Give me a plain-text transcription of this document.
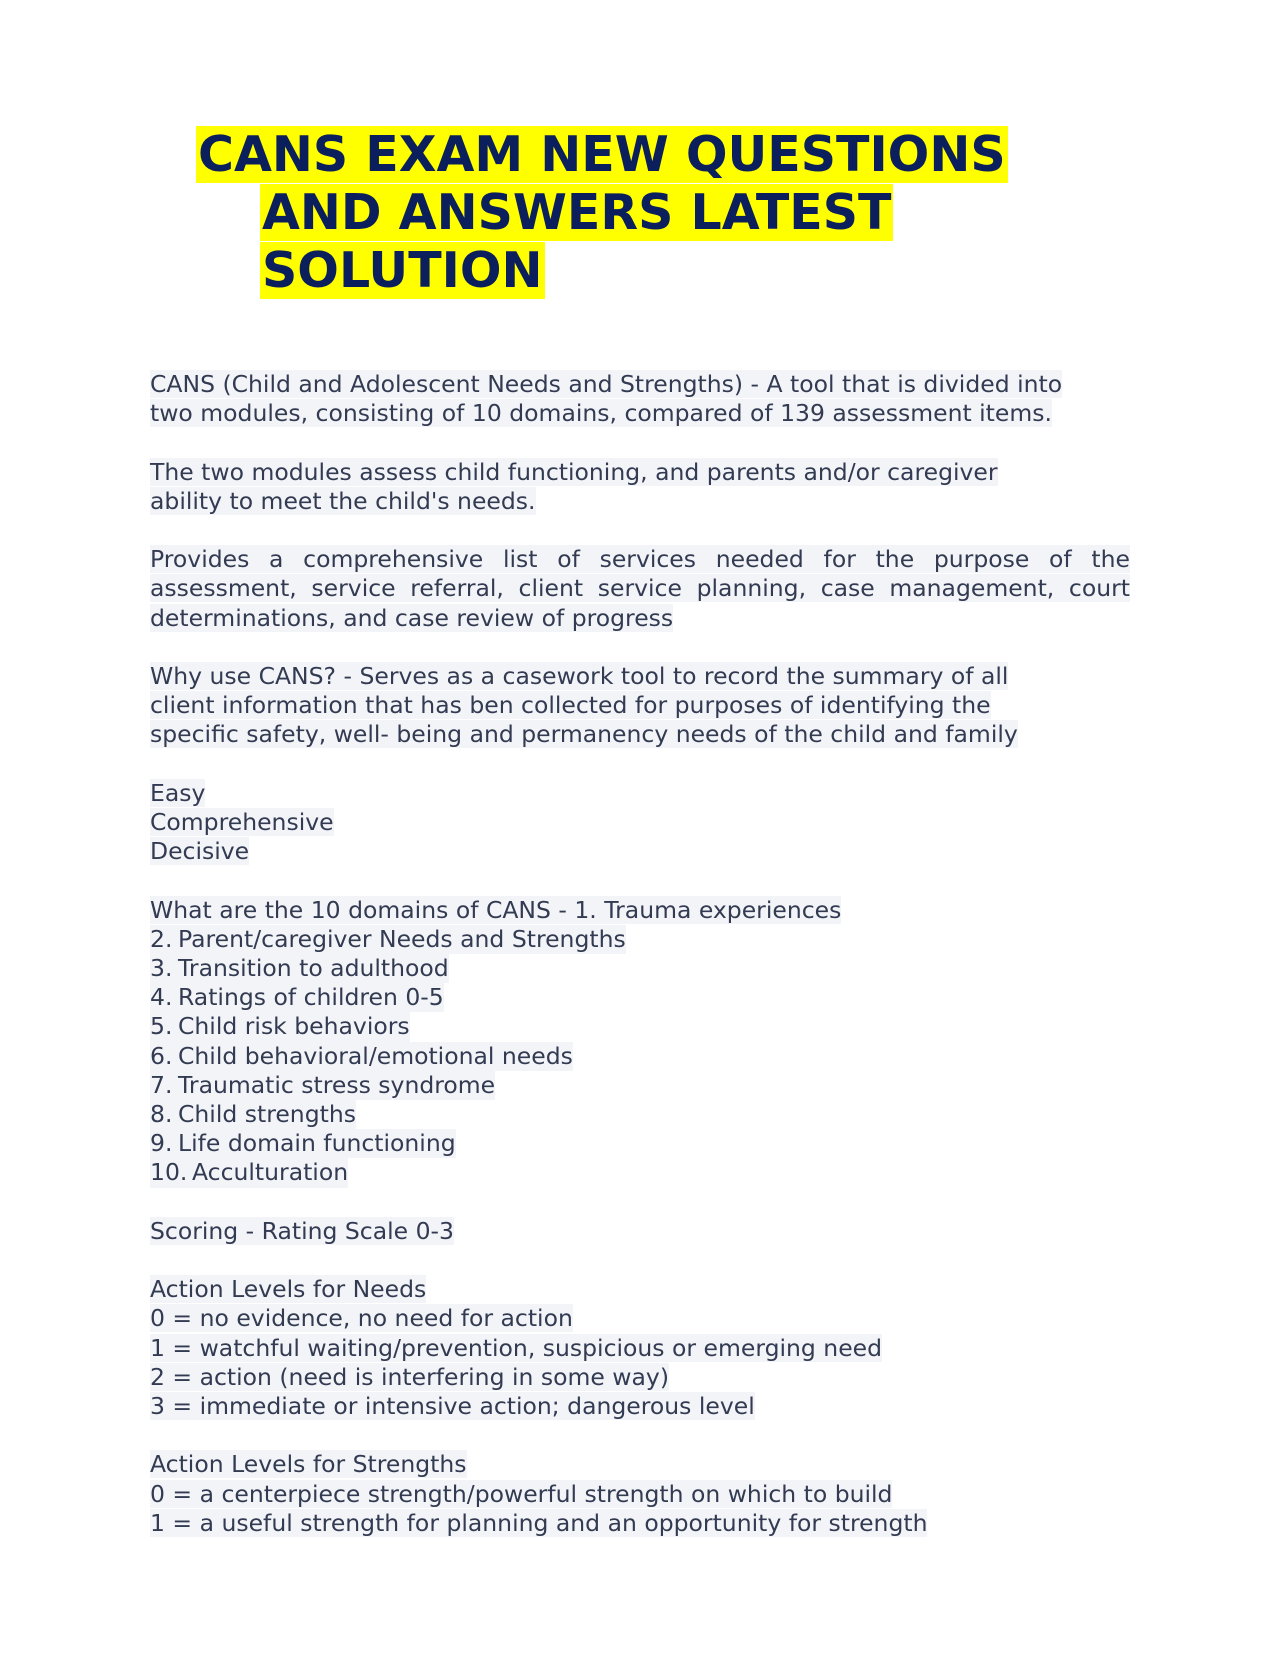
CANS EXAM NEW QUESTIONS
AND ANSWERS LATEST
SOLUTION

CANS (Child and Adolescent Needs and Strengths) - A tool that is divided into
two modules, consisting of 10 domains, compared of 139 assessment items.

The two modules assess child functioning, and parents and/or caregiver
ability to meet the child's needs.

Provides a comprehensive list of services needed for the purpose of the assessment, service referral, client service planning, case management, court determinations, and case review of progress

Why use CANS? - Serves as a casework tool to record the summary of all
client information that has ben collected for purposes of identifying the
specific safety, well- being and permanency needs of the child and family

Easy
Comprehensive
Decisive

What are the 10 domains of CANS - 1. Trauma experiences
2. Parent/caregiver Needs and Strengths
3. Transition to adulthood
4. Ratings of children 0-5
5. Child risk behaviors
6. Child behavioral/emotional needs
7. Traumatic stress syndrome
8. Child strengths
9. Life domain functioning
10. Acculturation

Scoring - Rating Scale 0-3

Action Levels for Needs
0 = no evidence, no need for action
1 = watchful waiting/prevention, suspicious or emerging need
2 = action (need is interfering in some way)
3 = immediate or intensive action; dangerous level

Action Levels for Strengths
0 = a centerpiece strength/powerful strength on which to build
1 = a useful strength for planning and an opportunity for strength
